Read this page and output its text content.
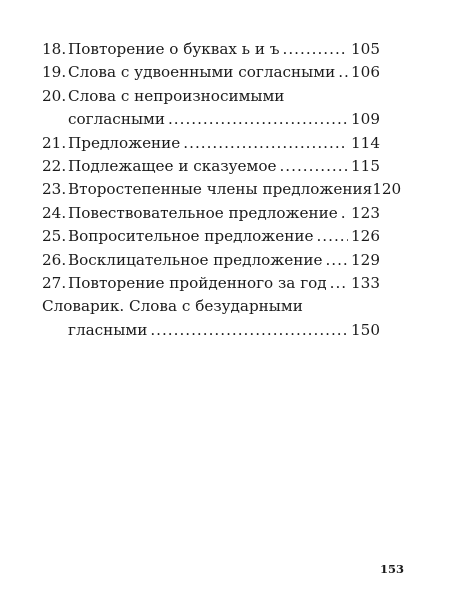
18. Повторение о буквах ь и ъ .....	105
19. Слова с удвоенными согласными ..... 106
20. Слова с непроизносимыми
согласными .....	109
21. Предложение .....	114
22. Подлежащее и сказуемое .....	115
23. Второстепенные члены предложения 120
24. Повествовательное предложение ..... 123
25. Вопросительное предложение ..... 126
26. Восклицательное предложение ..... 129
27. Повторение пройденного за год ..... 133
Словарик. Слова с безударными
гласными .....	150
153
